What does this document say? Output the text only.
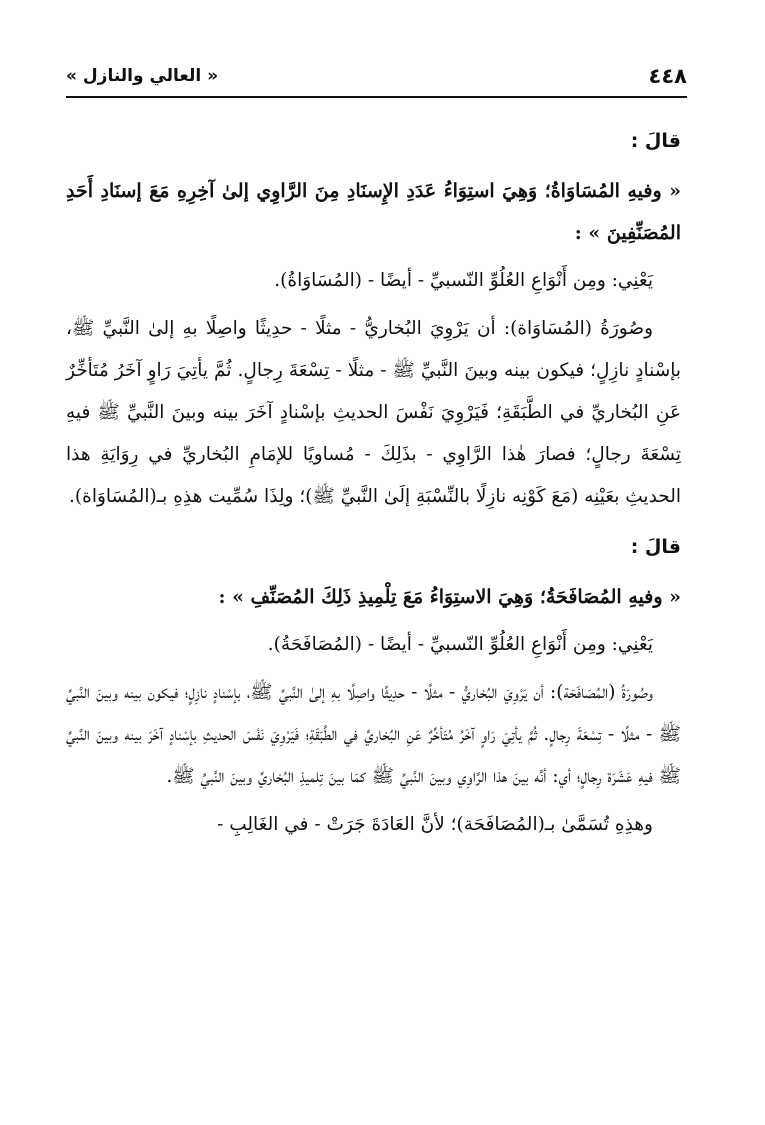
٤٤٨
« العالي والنازل »
قالَ :
« وفيهِ المُسَاوَاةُ؛ وَهِيَ استِوَاءُ عَدَدِ الإِسنَادِ مِنَ الرَّاوِي إلىٰ آخِرِهِ مَعَ إسنَادِ أَحَدِ المُصَنِّفِينَ » :
يَعْنِي: ومِن أَنْوَاعِ العُلُوِّ النّسبيِّ - أيضًا - (المُسَاوَاةُ).
وصُورَةُ (المُسَاوَاة): أن يَرْوِيَ البُخاريُّ - مثلًا - حدِيثًا واصِلًا بهِ إلىٰ النَّبيِّ ﷺ، بإسْنادٍ نازِلٍ؛ فيكون بينه وبينَ النَّبيِّ ﷺ - مثلًا - تِسْعَةَ رِجالٍ. ثُمَّ يأتِيَ رَاوٍ آخَرُ مُتَأخِّرٌ عَنِ البُخاريِّ في الطَّبَقَةِ؛ فَيَرْوِيَ نَفْسَ الحديثِ بإسْنادٍ آخَرَ بينه وبينَ النَّبيِّ ﷺ فيهِ تِسْعَةَ رجالٍ؛ فصارَ هٰذا الرَّاوِي - بذَلِكَ - مُساويًا للإمَامِ البُخاريِّ في رِوَايَةِ هذا الحديثِ بعَيْنِه (مَعَ كَوْنِه نازِلًا بالنِّسْبَةِ إلَىٰ النَّبيِّ ﷺ)؛ ولِذَا سُمِّيت هذِهِ بـ(المُسَاوَاة).
قالَ :
« وفيهِ المُصَافَحَةُ؛ وَهِيَ الاستِوَاءُ مَعَ تِلْمِيذِ ذَلِكَ المُصَنِّفِ » :
يَعْنِي: ومِن أَنْوَاعِ العُلُوِّ النّسبيِّ - أيضًا - (المُصَافَحَةُ).
وصُورَةُ (المُصَافَحَة): أن يَرْوِيَ البُخاريُّ - مثلًا - حدِيثًا واصِلًا بهِ إلىٰ النَّبيِّ ﷺ، بإسْنادٍ نازِلٍ؛ فيكون بينه وبينَ النَّبيِّ ﷺ - مثلًا - تِسْعَةَ رِجالٍ. ثُمَّ يأتِيَ رَاوٍ آخَرُ مُتَأخِّرٌ عَنِ البُخاريِّ في الطَّبَقَةِ؛ فَيَرْوِيَ نَفْسَ الحديثِ بإسْنادٍ آخَرَ بينه وبينَ النَّبيِّ ﷺ فيهِ عَشَرَة رِجالٍ؛ أي: أنَّه بينَ هذا الرَّاوِي وبينَ النَّبيِّ ﷺ كمَا بينَ تِلميذِ البُخاريِّ وبينَ النَّبيِّ ﷺ.
وهذِهِ تُسَمَّىٰ بـ(المُصَافَحَة)؛ لأنَّ العَادَةَ جَرَتْ - في الغَالِبِ -
